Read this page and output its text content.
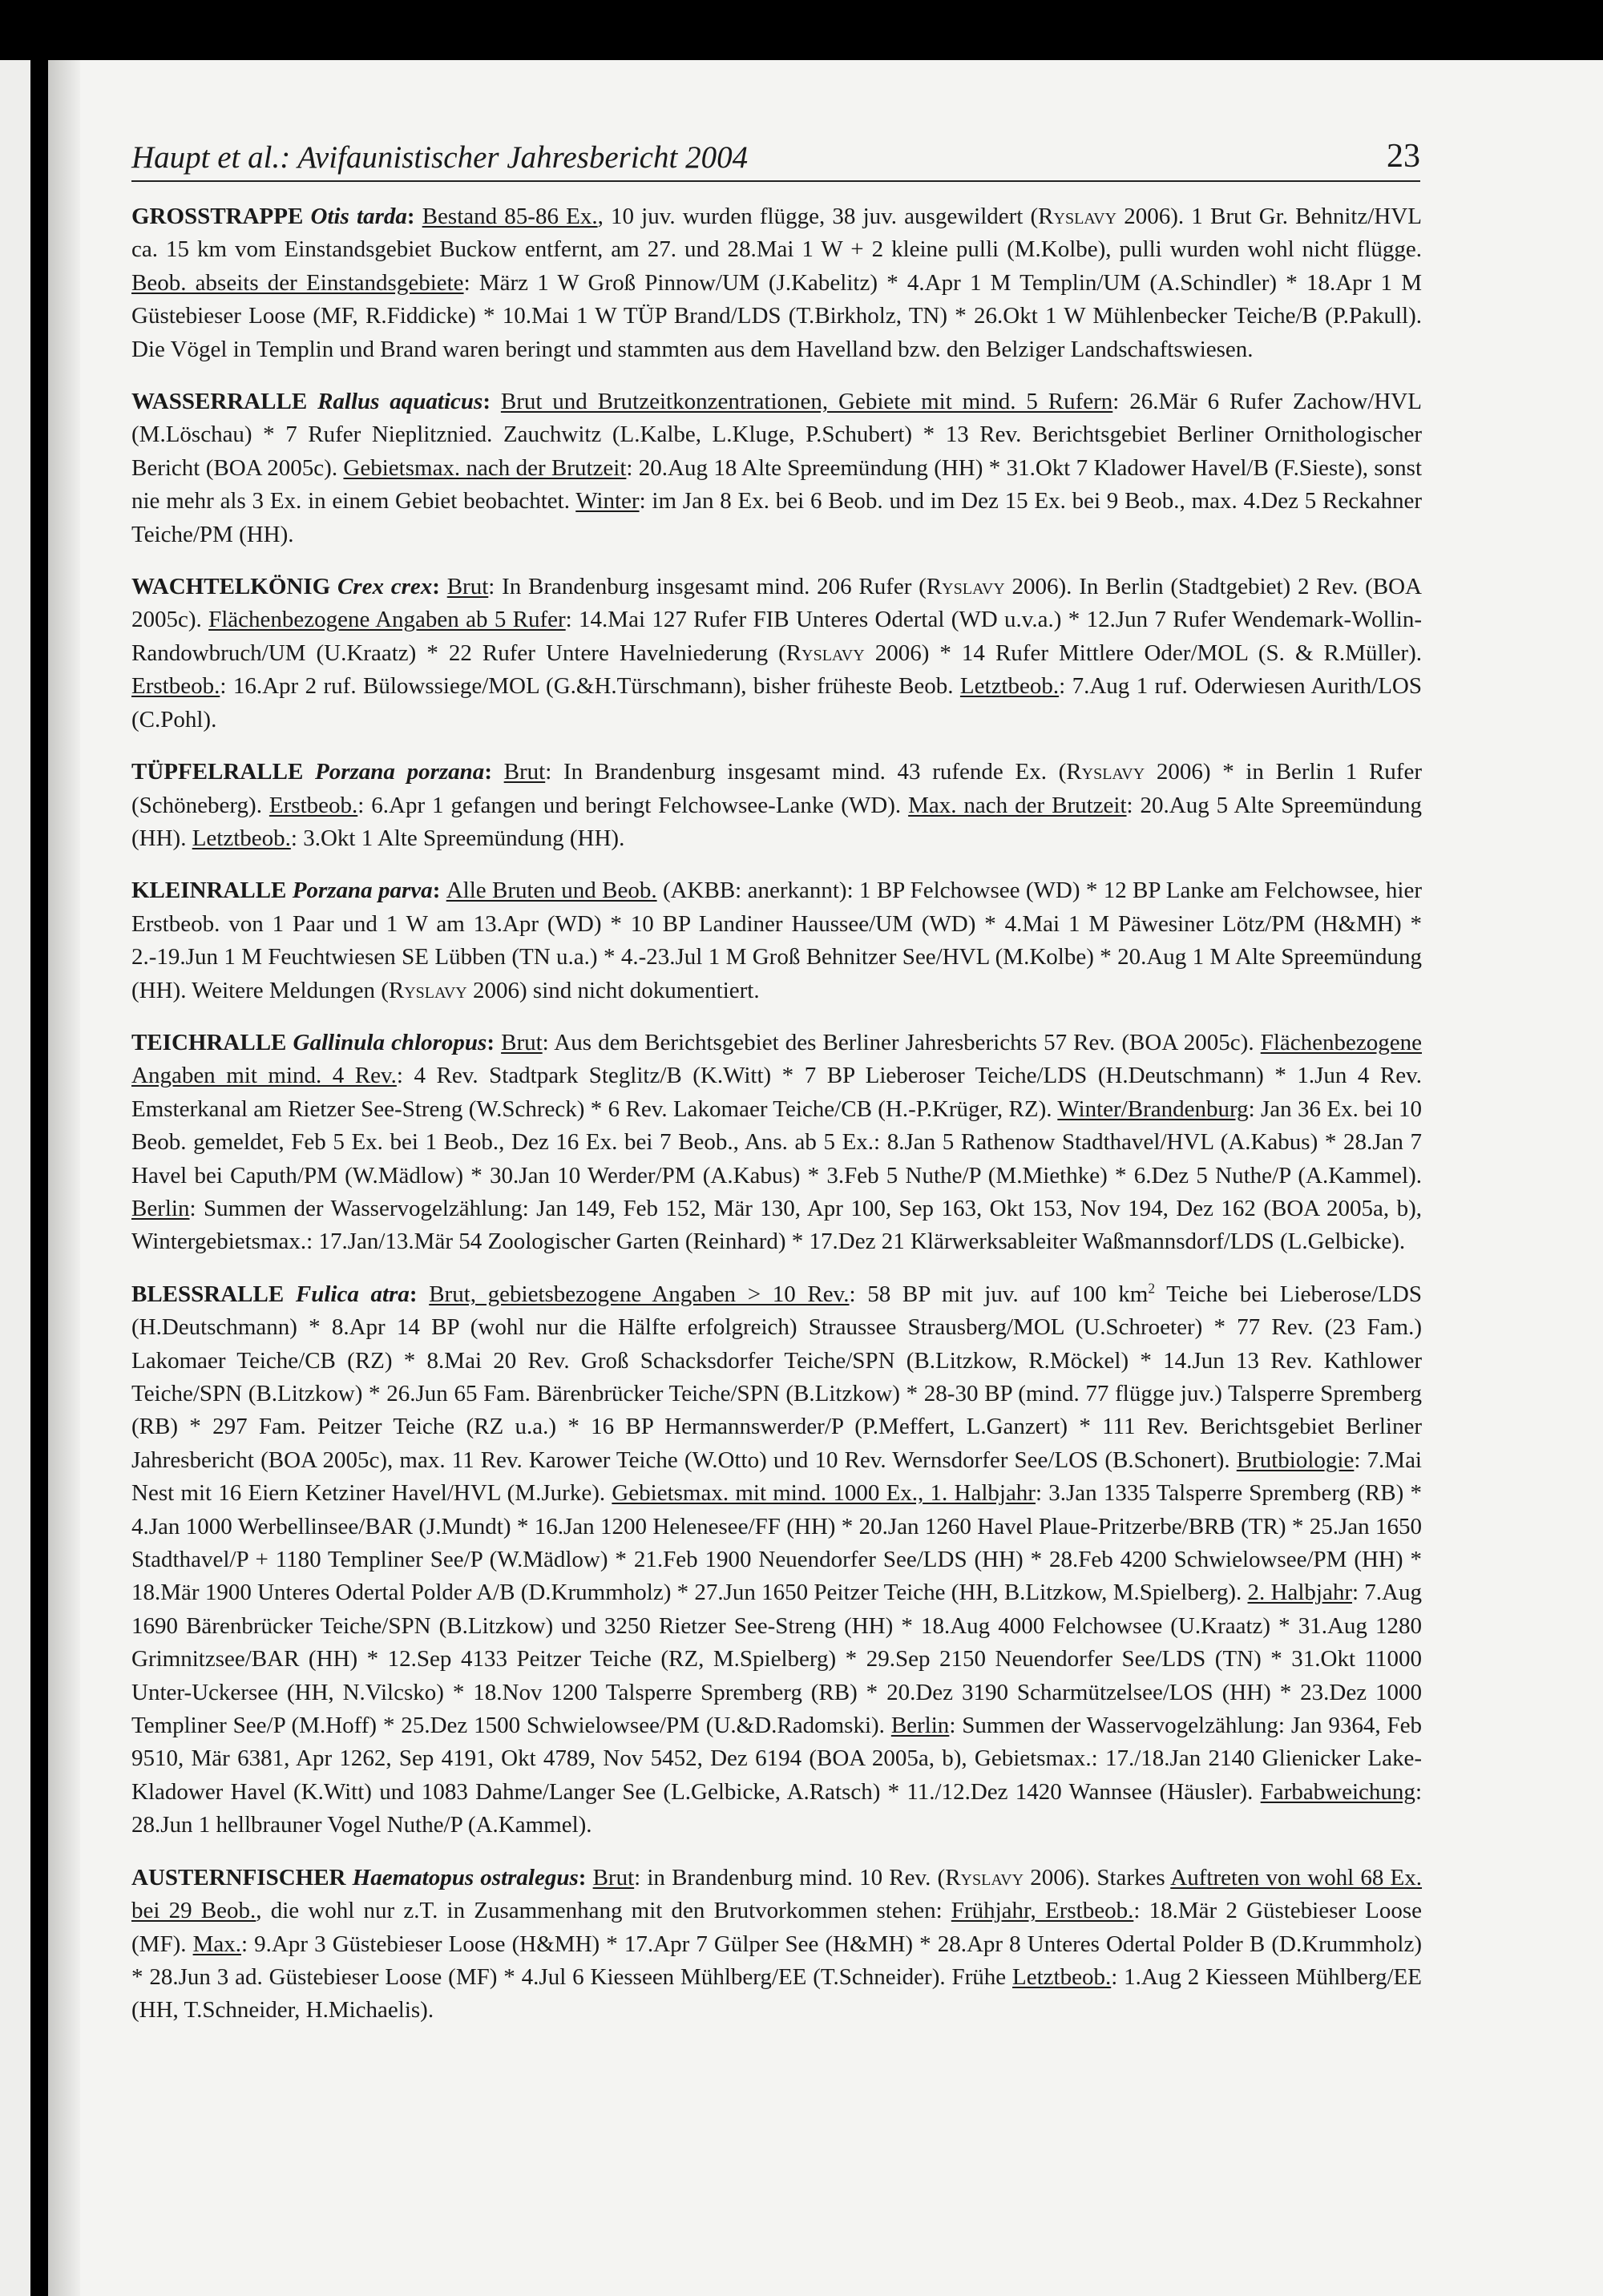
Haupt et al.: Avifaunistischer Jahresbericht 2004	23

GROSSTRAPPE Otis tarda: Bestand 85-86 Ex., 10 juv. wurden flügge, 38 juv. ausgewildert (Ryslavy 2006). 1 Brut Gr. Behnitz/HVL ca. 15 km vom Einstandsgebiet Buckow entfernt, am 27. und 28.Mai 1 W + 2 kleine pulli (M.Kolbe), pulli wurden wohl nicht flügge. Beob. abseits der Einstandsgebiete: März 1 W Groß Pinnow/UM (J.Kabelitz) * 4.Apr 1 M Templin/UM (A.Schindler) * 18.Apr 1 M Güstebieser Loose (MF, R.Fiddicke) * 10.Mai 1 W TÜP Brand/LDS (T.Birkholz, TN) * 26.Okt 1 W Mühlenbecker Teiche/B (P.Pakull). Die Vögel in Templin und Brand waren beringt und stammten aus dem Havelland bzw. den Belziger Landschaftswiesen.

WASSERRALLE Rallus aquaticus: Brut und Brutzeitkonzentrationen, Gebiete mit mind. 5 Rufern: 26.Mär 6 Rufer Zachow/HVL (M.Löschau) * 7 Rufer Nieplitznied. Zauchwitz (L.Kalbe, L.Kluge, P.Schubert) * 13 Rev. Berichtsgebiet Berliner Ornithologischer Bericht (BOA 2005c). Gebietsmax. nach der Brutzeit: 20.Aug 18 Alte Spreemündung (HH) * 31.Okt 7 Kladower Havel/B (F.Sieste), sonst nie mehr als 3 Ex. in einem Gebiet beobachtet. Winter: im Jan 8 Ex. bei 6 Beob. und im Dez 15 Ex. bei 9 Beob., max. 4.Dez 5 Reckahner Teiche/PM (HH).

WACHTELKÖNIG Crex crex: Brut: In Brandenburg insgesamt mind. 206 Rufer (Ryslavy 2006). In Berlin (Stadtgebiet) 2 Rev. (BOA 2005c). Flächenbezogene Angaben ab 5 Rufer: 14.Mai 127 Rufer FIB Unteres Odertal (WD u.v.a.) * 12.Jun 7 Rufer Wendemark-Wollin-Randowbruch/UM (U.Kraatz) * 22 Rufer Untere Havelniederung (Ryslavy 2006) * 14 Rufer Mittlere Oder/MOL (S. & R.Müller). Erstbeob.: 16.Apr 2 ruf. Bülowssiege/MOL (G.&H.Türschmann), bisher früheste Beob. Letztbeob.: 7.Aug 1 ruf. Oderwiesen Aurith/LOS (C.Pohl).

TÜPFELRALLE Porzana porzana: Brut: In Brandenburg insgesamt mind. 43 rufende Ex. (Ryslavy 2006) * in Berlin 1 Rufer (Schöneberg). Erstbeob.: 6.Apr 1 gefangen und beringt Felchowsee-Lanke (WD). Max. nach der Brutzeit: 20.Aug 5 Alte Spreemündung (HH). Letztbeob.: 3.Okt 1 Alte Spreemündung (HH).

KLEINRALLE Porzana parva: Alle Bruten und Beob. (AKBB: anerkannt): 1 BP Felchowsee (WD) * 12 BP Lanke am Felchowsee, hier Erstbeob. von 1 Paar und 1 W am 13.Apr (WD) * 10 BP Landiner Haussee/UM (WD) * 4.Mai 1 M Päwesiner Lötz/PM (H&MH) * 2.-19.Jun 1 M Feuchtwiesen SE Lübben (TN u.a.) * 4.-23.Jul 1 M Groß Behnitzer See/HVL (M.Kolbe) * 20.Aug 1 M Alte Spreemündung (HH). Weitere Meldungen (Ryslavy 2006) sind nicht dokumentiert.

TEICHRALLE Gallinula chloropus: Brut: Aus dem Berichtsgebiet des Berliner Jahresberichts 57 Rev. (BOA 2005c). Flächenbezogene Angaben mit mind. 4 Rev.: 4 Rev. Stadtpark Steglitz/B (K.Witt) * 7 BP Lieberoser Teiche/LDS (H.Deutschmann) * 1.Jun 4 Rev. Emsterkanal am Rietzer See-Streng (W.Schreck) * 6 Rev. Lakomaer Teiche/CB (H.-P.Krüger, RZ). Winter/Brandenburg: Jan 36 Ex. bei 10 Beob. gemeldet, Feb 5 Ex. bei 1 Beob., Dez 16 Ex. bei 7 Beob., Ans. ab 5 Ex.: 8.Jan 5 Rathenow Stadthavel/HVL (A.Kabus) * 28.Jan 7 Havel bei Caputh/PM (W.Mädlow) * 30.Jan 10 Werder/PM (A.Kabus) * 3.Feb 5 Nuthe/P (M.Miethke) * 6.Dez 5 Nuthe/P (A.Kammel). Berlin: Summen der Wasservogelzählung: Jan 149, Feb 152, Mär 130, Apr 100, Sep 163, Okt 153, Nov 194, Dez 162 (BOA 2005a, b), Wintergebietsmax.: 17.Jan/13.Mär 54 Zoologischer Garten (Reinhard) * 17.Dez 21 Klärwerksableiter Waßmannsdorf/LDS (L.Gelbicke).

BLESSRALLE Fulica atra: Brut, gebietsbezogene Angaben > 10 Rev.: 58 BP mit juv. auf 100 $km^2$ Teiche bei Lieberose/LDS (H.Deutschmann) * 8.Apr 14 BP (wohl nur die Hälfte erfolgreich) Straussee Strausberg/MOL (U.Schroeter) * 77 Rev. (23 Fam.) Lakomaer Teiche/CB (RZ) * 8.Mai 20 Rev. Groß Schacksdorfer Teiche/SPN (B.Litzkow, R.Möckel) * 14.Jun 13 Rev. Kathlower Teiche/SPN (B.Litzkow) * 26.Jun 65 Fam. Bärenbrücker Teiche/SPN (B.Litzkow) * 28-30 BP (mind. 77 flügge juv.) Talsperre Spremberg (RB) * 297 Fam. Peitzer Teiche (RZ u.a.) * 16 BP Hermannswerder/P (P.Meffert, L.Ganzert) * 111 Rev. Berichtsgebiet Berliner Jahresbericht (BOA 2005c), max. 11 Rev. Karower Teiche (W.Otto) und 10 Rev. Wernsdorfer See/LOS (B.Schonert). Brutbiologie: 7.Mai Nest mit 16 Eiern Ketziner Havel/HVL (M.Jurke). Gebietsmax. mit mind. 1000 Ex., 1. Halbjahr: 3.Jan 1335 Talsperre Spremberg (RB) * 4.Jan 1000 Werbellinsee/BAR (J.Mundt) * 16.Jan 1200 Helenesee/FF (HH) * 20.Jan 1260 Havel Plaue-Pritzerbe/BRB (TR) * 25.Jan 1650 Stadthavel/P + 1180 Templiner See/P (W.Mädlow) * 21.Feb 1900 Neuendorfer See/LDS (HH) * 28.Feb 4200 Schwielowsee/PM (HH) * 18.Mär 1900 Unteres Odertal Polder A/B (D.Krummholz) * 27.Jun 1650 Peitzer Teiche (HH, B.Litzkow, M.Spielberg). 2. Halbjahr: 7.Aug 1690 Bärenbrücker Teiche/SPN (B.Litzkow) und 3250 Rietzer See-Streng (HH) * 18.Aug 4000 Felchowsee (U.Kraatz) * 31.Aug 1280 Grimnitzsee/BAR (HH) * 12.Sep 4133 Peitzer Teiche (RZ, M.Spielberg) * 29.Sep 2150 Neuendorfer See/LDS (TN) * 31.Okt 11000 Unter-Uckersee (HH, N.Vilcsko) * 18.Nov 1200 Talsperre Spremberg (RB) * 20.Dez 3190 Scharmützelsee/LOS (HH) * 23.Dez 1000 Templiner See/P (M.Hoff) * 25.Dez 1500 Schwielowsee/PM (U.&D.Radomski). Berlin: Summen der Wasservogelzählung: Jan 9364, Feb 9510, Mär 6381, Apr 1262, Sep 4191, Okt 4789, Nov 5452, Dez 6194 (BOA 2005a, b), Gebietsmax.: 17./18.Jan 2140 Glienicker Lake-Kladower Havel (K.Witt) und 1083 Dahme/Langer See (L.Gelbicke, A.Ratsch) * 11./12.Dez 1420 Wannsee (Häusler). Farbabweichung: 28.Jun 1 hellbrauner Vogel Nuthe/P (A.Kammel).

AUSTERNFISCHER Haematopus ostralegus: Brut: in Brandenburg mind. 10 Rev. (Ryslavy 2006). Starkes Auftreten von wohl 68 Ex. bei 29 Beob., die wohl nur z.T. in Zusammenhang mit den Brutvorkommen stehen: Frühjahr, Erstbeob.: 18.Mär 2 Güstebieser Loose (MF). Max.: 9.Apr 3 Güstebieser Loose (H&MH) * 17.Apr 7 Gülper See (H&MH) * 28.Apr 8 Unteres Odertal Polder B (D.Krummholz) * 28.Jun 3 ad. Güstebieser Loose (MF) * 4.Jul 6 Kiesseen Mühlberg/EE (T.Schneider). Frühe Letztbeob.: 1.Aug 2 Kiesseen Mühlberg/EE (HH, T.Schneider, H.Michaelis).
